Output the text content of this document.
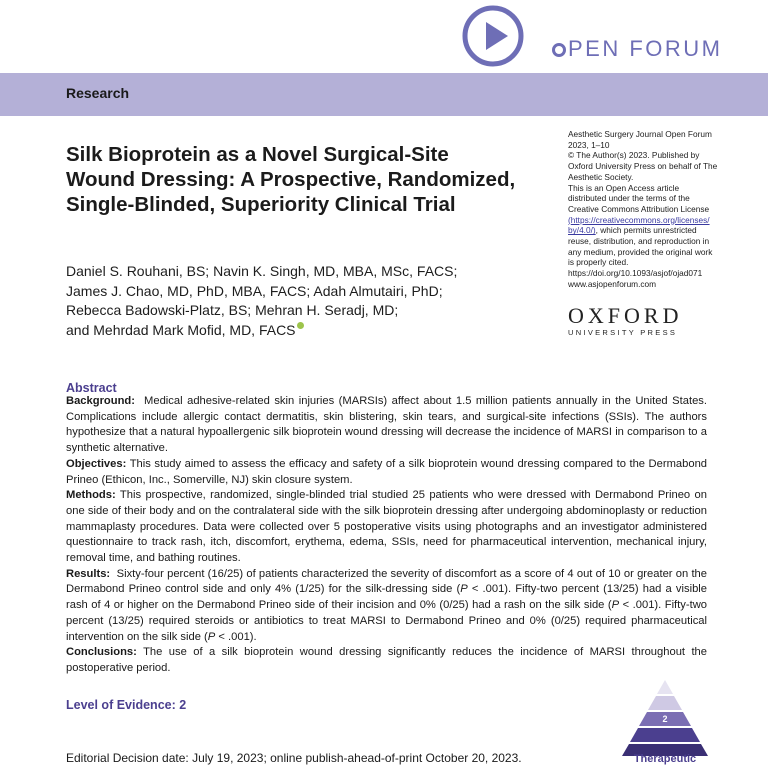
PEN FORUM
Research
Silk Bioprotein as a Novel Surgical-Site
Wound Dressing: A Prospective, Randomized,
Single-Blinded, Superiority Clinical Trial
Aesthetic Surgery Journal Open Forum
2023, 1–10
© The Author(s) 2023. Published by
Oxford University Press on behalf of The
Aesthetic Society.
This is an Open Access article
distributed under the terms of the
Creative Commons Attribution License
(https://creativecommons.org/licenses/
by/4.0/), which permits unrestricted
reuse, distribution, and reproduction in
any medium, provided the original work
is properly cited.
https://doi.org/10.1093/asjof/ojad071
www.asjopenforum.com
OXFORD
UNIVERSITY PRESS
Daniel S. Rouhani, BS; Navin K. Singh, MD, MBA, MSc, FACS;
James J. Chao, MD, PhD, MBA, FACS; Adah Almutairi, PhD;
Rebecca Badowski-Platz, BS; Mehran H. Seradj, MD;
and Mehrdad Mark Mofid, MD, FACS
Abstract

Background: Medical adhesive-related skin injuries (MARSIs) affect about 1.5 million patients annually in the United States. Complications include allergic contact dermatitis, skin blistering, skin tears, and surgical-site infections (SSIs). The authors hypothesize that a natural hypoallergenic silk bioprotein wound dressing will decrease the incidence of MARSI in comparison to a synthetic alternative.

Objectives: This study aimed to assess the efficacy and safety of a silk bioprotein wound dressing compared to the Dermabond Prineo (Ethicon, Inc., Somerville, NJ) skin closure system.

Methods: This prospective, randomized, single-blinded trial studied 25 patients who were dressed with Dermabond Prineo on one side of their body and on the contralateral side with the silk bioprotein dressing after undergoing abdominoplasty or reduction mammaplasty procedures. Data were collected over 5 postoperative visits using photographs and an investigator administered questionnaire to track rash, itch, discomfort, erythema, edema, SSIs, need for pharmaceutical intervention, mechanical injury, removal time, and bathing routines.

Results: Sixty-four percent (16/25) of patients characterized the severity of discomfort as a score of 4 out of 10 or greater on the Dermabond Prineo control side and only 4% (1/25) for the silk-dressing side (P < .001). Fifty-two percent (13/25) had a visible rash of 4 or higher on the Dermabond Prineo side of their incision and 0% (0/25) had a rash on the silk side (P < .001). Fifty-two percent (13/25) required steroids or antibiotics to treat MARSI to Dermabond Prineo and 0% (0/25) required pharmaceutical intervention on the silk side (P < .001).

Conclusions: The use of a silk bioprotein wound dressing significantly reduces the incidence of MARSI throughout the postoperative period.

Level of Evidence: 2
2
Therapeutic
Editorial Decision date: July 19, 2023; online publish-ahead-of-print October 20, 2023.
